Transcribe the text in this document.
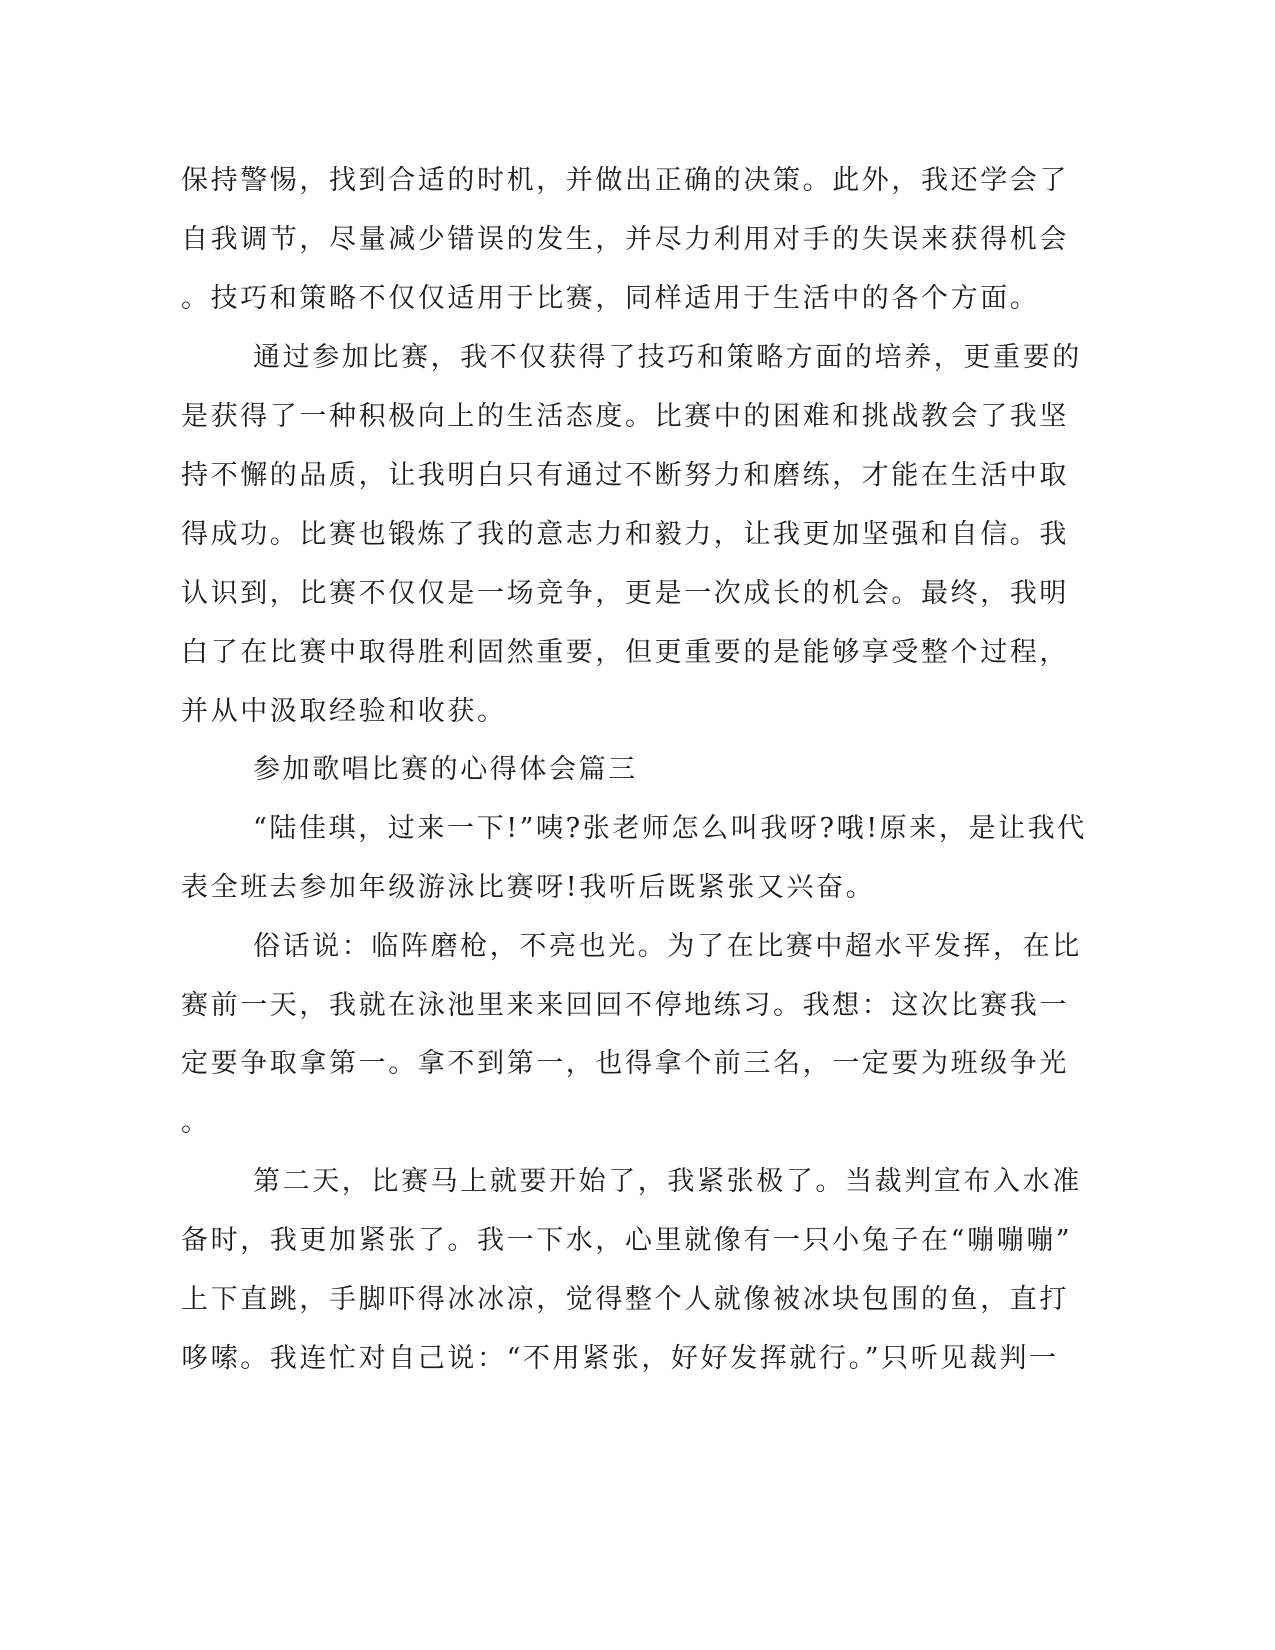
保持警惕，找到合适的时机，并做出正确的决策。此外，我还学会了
自我调节，尽量减少错误的发生，并尽力利用对手的失误来获得机会
。技巧和策略不仅仅适用于比赛，同样适用于生活中的各个方面。
通过参加比赛，我不仅获得了技巧和策略方面的培养，更重要的
是获得了一种积极向上的生活态度。比赛中的困难和挑战教会了我坚
持不懈的品质，让我明白只有通过不断努力和磨练，才能在生活中取
得成功。比赛也锻炼了我的意志力和毅力，让我更加坚强和自信。我
认识到，比赛不仅仅是一场竞争，更是一次成长的机会。最终，我明
白了在比赛中取得胜利固然重要，但更重要的是能够享受整个过程，
并从中汲取经验和收获。
参加歌唱比赛的心得体会篇三
“陆佳琪，过来一下!”咦?张老师怎么叫我呀?哦!原来，是让我代
表全班去参加年级游泳比赛呀!我听后既紧张又兴奋。
俗话说：临阵磨枪，不亮也光。为了在比赛中超水平发挥，在比
赛前一天，我就在泳池里来来回回不停地练习。我想：这次比赛我一
定要争取拿第一。拿不到第一，也得拿个前三名，一定要为班级争光
。
第二天，比赛马上就要开始了，我紧张极了。当裁判宣布入水准
备时，我更加紧张了。我一下水，心里就像有一只小兔子在“嘣嘣嘣”
上下直跳，手脚吓得冰冰凉，觉得整个人就像被冰块包围的鱼，直打
哆嗦。我连忙对自己说：“不用紧张，好好发挥就行。”只听见裁判一
